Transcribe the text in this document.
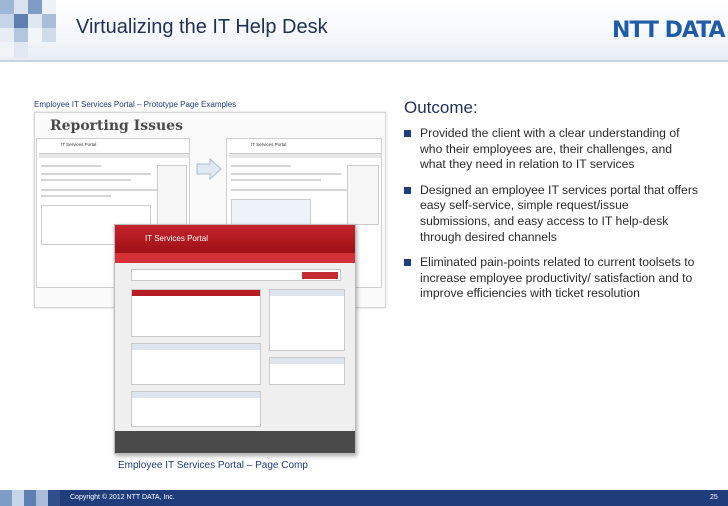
Virtualizing the IT Help Desk	NTT DATA
Employee IT Services Portal – Prototype Page Examples
Reporting Issues
IT Services Portal	IT Services Portal
IT Services Portal
Employee IT Services Portal – Page Comp
Outcome:
Provided the client with a clear understanding of who their employees are, their challenges, and what they need in relation to IT services
Designed an employee IT services portal that offers easy self-service, simple request/issue submissions, and easy access to IT help-desk through desired channels
Eliminated pain-points related to current toolsets to increase employee productivity/ satisfaction and to improve efficiencies with ticket resolution
Copyright © 2012 NTT DATA, Inc.	25
